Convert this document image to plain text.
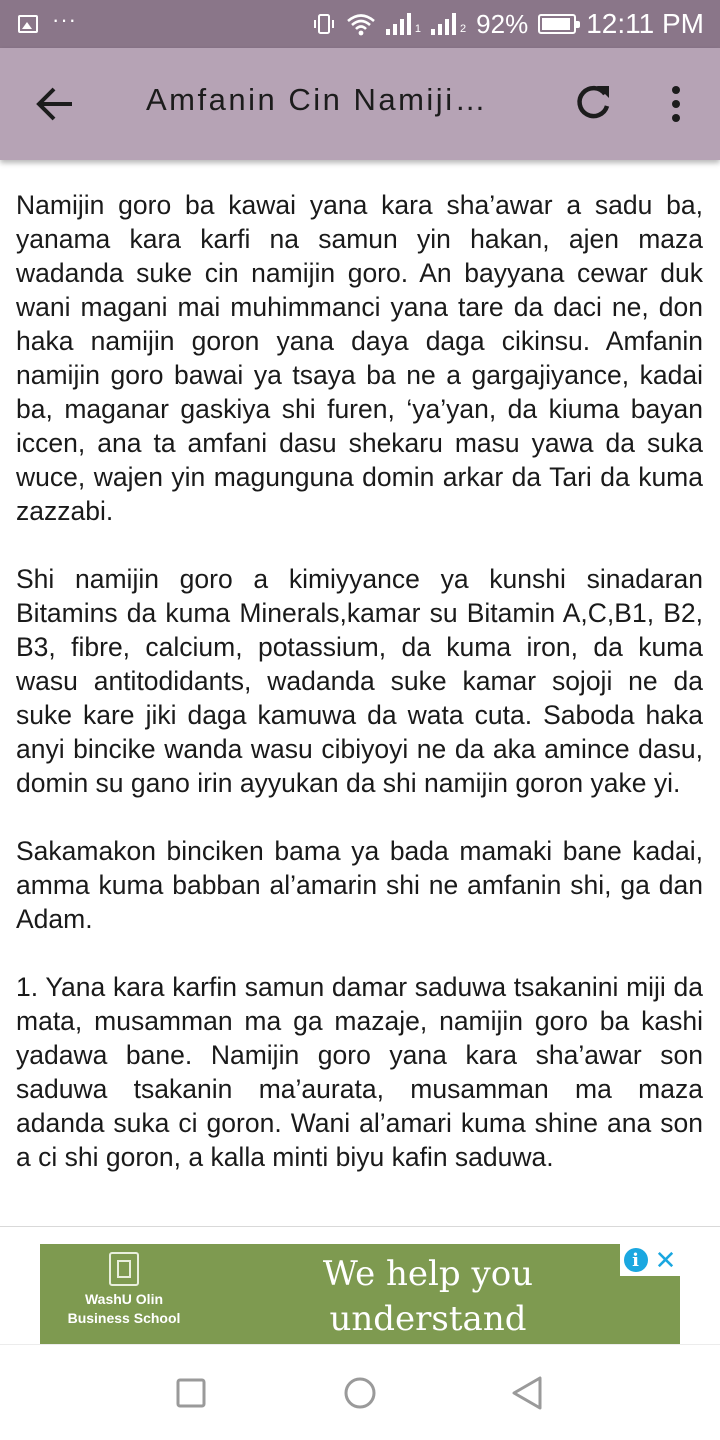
···	1	2 92% 12:11 PM
Amfanin Cin Namiji…

Namijin goro ba kawai yana kara sha’awar a sadu ba, yanama kara karfi na samun yin hakan, ajen maza wadanda suke cin namijin goro. An bayyana cewar duk wani magani mai muhimmanci yana tare da daci ne, don haka namijin goron yana daya daga cikinsu. Amfanin namijin goro bawai ya tsaya ba ne a gargajiyance, kadai ba, maganar gaskiya shi furen, ‘ya’yan, da kiuma bayan iccen, ana ta amfani dasu shekaru masu yawa da suka wuce, wajen yin magunguna domin arkar da Tari da kuma zazzabi.

Shi namijin goro a kimiyyance ya kunshi sinadaran Bitamins da kuma Minerals,kamar su Bitamin A,C,B1, B2, B3, fibre, calcium, potassium, da kuma iron, da kuma wasu antitodidants, wadanda suke kamar sojoji ne da suke kare jiki daga kamuwa da wata cuta. Saboda haka anyi bincike wanda wasu cibiyoyi ne da aka amince dasu, domin su gano irin ayyukan da shi namijin goron yake yi.

Sakamakon binciken bama ya bada mamaki bane kadai, amma kuma babban al’amarin shi ne amfanin shi, ga dan Adam.

1. Yana kara karfin samun damar saduwa tsakanini miji da mata, musamman ma ga mazaje, namijin goro ba kashi yadawa bane. Namijin goro yana kara sha’awar son saduwa tsakanin ma’aurata, musamman ma maza adanda suka ci goron. Wani al’amari kuma shine ana son a ci shi goron, a kalla minti biyu kafin saduwa.

WashU Olin
Business School
We help you understand
i ✕
